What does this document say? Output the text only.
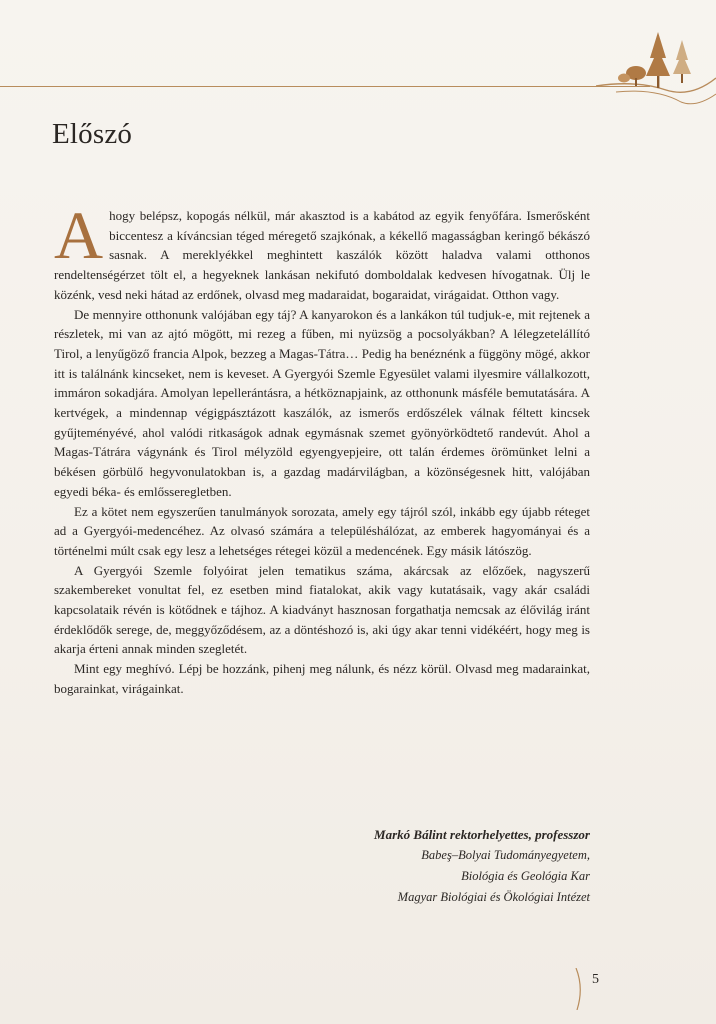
Előszó

Ahogy belépsz, kopogás nélkül, már akasztod is a kabátod az egyik fenyőfára. Ismerősként biccentesz a kíváncsian téged méregető szajkónak, a kékellő magasságban keringő békászó sasnak. A mereklyékkel meghintett kaszálók között haladva valami otthonos rendeltenségérzet tölt el, a hegyeknek lankásan nekifutó domboldalak kedvesen hívogatnak. Ülj le közénk, vesd neki hátad az erdőnek, olvasd meg madaraidat, bogaraidat, virágaidat. Otthon vagy.

De mennyire otthonunk valójában egy táj? A kanyarokon és a lankákon túl tudjuk-e, mit rejtenek a részletek, mi van az ajtó mögött, mi rezeg a fűben, mi nyüzsög a pocsolyákban? A lélegzetelállító Tirol, a lenyűgöző francia Alpok, bezzeg a Magas-Tátra… Pedig ha benéznénk a függöny mögé, akkor itt is találnánk kincseket, nem is keveset. A Gyergyói Szemle Egyesület valami ilyesmire vállalkozott, immáron sokadjára. Amolyan lepellerántásra, a hétköznapjaink, az otthonunk másféle bemutatására. A kertvégek, a mindennap végigpásztázott kaszálók, az ismerős erdőszélek válnak féltett kincsek gyűjteményévé, ahol valódi ritkaságok adnak egymásnak szemet gyönyörködtető randevút. Ahol a Magas-Tátrára vágynánk és Tirol mélyzöld egyengyepjeire, ott talán érdemes örömünket lelni a békésen görbülő hegyvonulatokban is, a gazdag madárvilágban, a közönségesnek hitt, valójában egyedi béka- és emlősseregletben.

Ez a kötet nem egyszerűen tanulmányok sorozata, amely egy tájról szól, inkább egy újabb réteget ad a Gyergyói-medencéhez. Az olvasó számára a településhálózat, az emberek hagyományai és a történelmi múlt csak egy lesz a lehetséges rétegei közül a medencének. Egy másik látószög.

A Gyergyói Szemle folyóirat jelen tematikus száma, akárcsak az előzőek, nagyszerű szakembereket vonultat fel, ez esetben mind fiatalokat, akik vagy kutatásaik, vagy akár családi kapcsolataik révén is kötődnek e tájhoz. A kiadványt hasznosan forgathatja nemcsak az élővilág iránt érdeklődők serege, de, meggyőződésem, az a döntéshozó is, aki úgy akar tenni vidékéért, hogy meg is akarja érteni annak minden szegletét.

Mint egy meghívó. Lépj be hozzánk, pihenj meg nálunk, és nézz körül. Olvasd meg madarainkat, bogarainkat, virágainkat.

Markó Bálint rektorhelyettes, professzor
Babeş–Bolyai Tudományegyetem,
Biológia és Geológia Kar
Magyar Biológiai és Ökológiai Intézet
5
